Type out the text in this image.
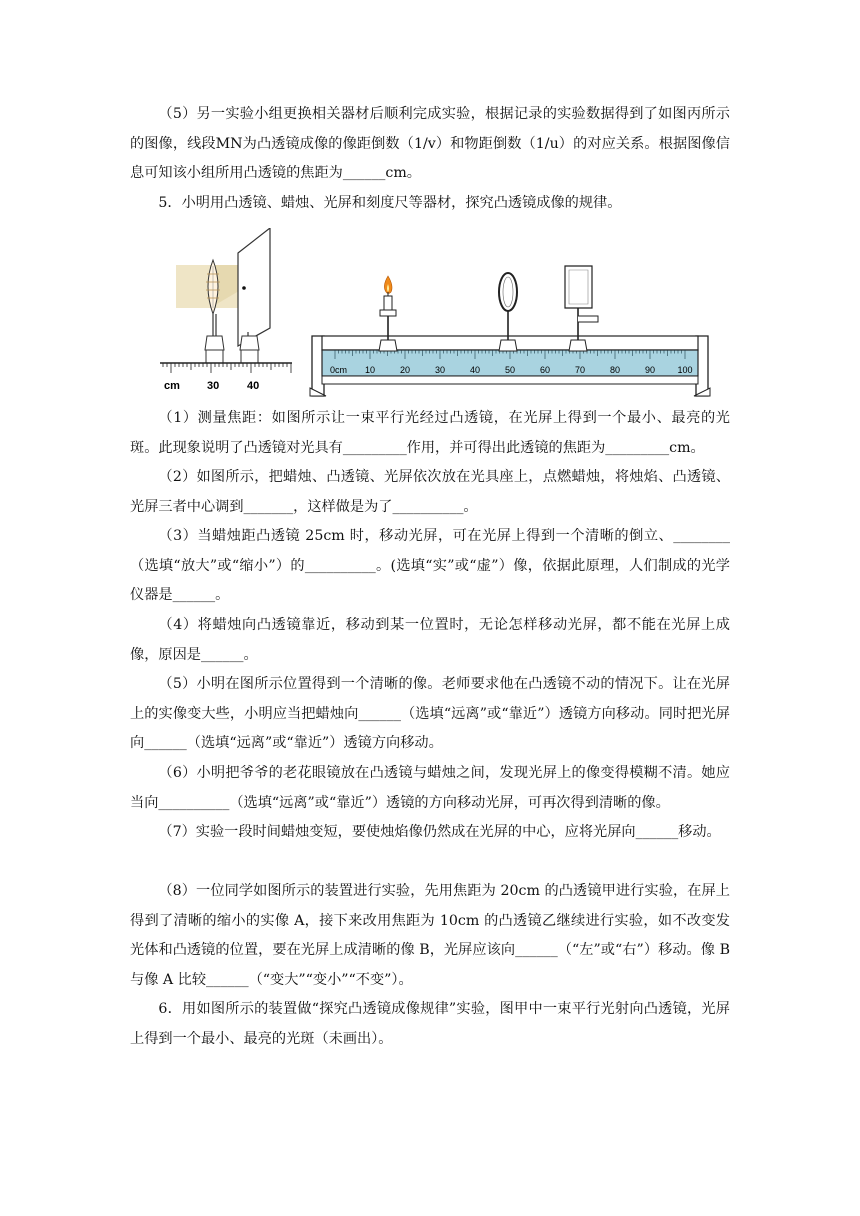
（5）另一实验小组更换相关器材后顺利完成实验，根据记录的实验数据得到了如图丙所示的图像，线段MN为凸透镜成像的像距倒数（1/v）和物距倒数（1/u）的对应关系。根据图像信息可知该小组所用凸透镜的焦距为______cm。

5．小明用凸透镜、蜡烛、光屏和刻度尺等器材，探究凸透镜成像的规律。

cm 30	40
0cm 10	20	30	40	50	60	70	80	90 100

（1）测量焦距：如图所示让一束平行光经过凸透镜，在光屏上得到一个最小、最亮的光斑。此现象说明了凸透镜对光具有_________作用，并可得出此透镜的焦距为_________cm。

（2）如图所示，把蜡烛、凸透镜、光屏依次放在光具座上，点燃蜡烛，将烛焰、凸透镜、光屏三者中心调到_______，这样做是为了__________。

（3）当蜡烛距凸透镜 25cm 时，移动光屏，可在光屏上得到一个清晰的倒立、________（选填“放大”或“缩小”）的__________。(选填“实”或“虚”）像，依据此原理，人们制成的光学仪器是______。

（4）将蜡烛向凸透镜靠近，移动到某一位置时，无论怎样移动光屏，都不能在光屏上成像，原因是______。

（5）小明在图所示位置得到一个清晰的像。老师要求他在凸透镜不动的情况下。让在光屏上的实像变大些，小明应当把蜡烛向______（选填“远离”或“靠近”）透镜方向移动。同时把光屏向______（选填“远离”或“靠近”）透镜方向移动。

（6）小明把爷爷的老花眼镜放在凸透镜与蜡烛之间，发现光屏上的像变得模糊不清。她应当向__________（选填“远离”或“靠近”）透镜的方向移动光屏，可再次得到清晰的像。

（7）实验一段时间蜡烛变短，要使烛焰像仍然成在光屏的中心，应将光屏向______移动。

（8）一位同学如图所示的装置进行实验，先用焦距为 20cm 的凸透镜甲进行实验，在屏上得到了清晰的缩小的实像 A，接下来改用焦距为 10cm 的凸透镜乙继续进行实验，如不改变发光体和凸透镜的位置，要在光屏上成清晰的像 B，光屏应该向______（“左”或“右”）移动。像 B 与像 A 比较______（“变大”“变小”“不变”）。

6．用如图所示的装置做“探究凸透镜成像规律”实验，图甲中一束平行光射向凸透镜，光屏上得到一个最小、最亮的光斑（未画出）。
